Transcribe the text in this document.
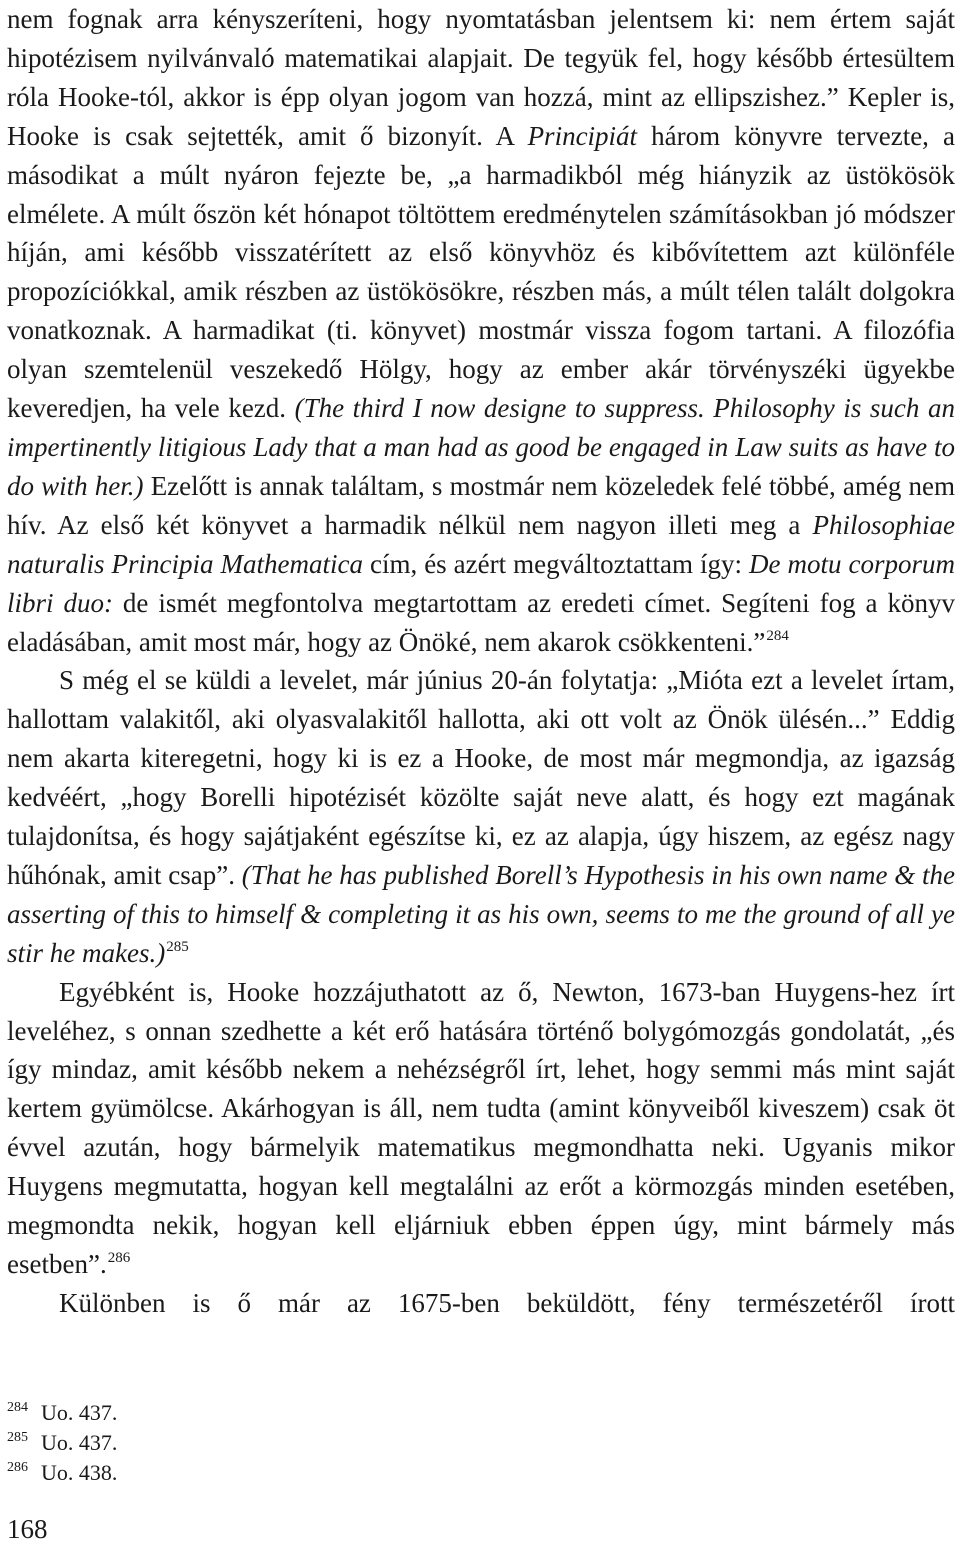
nem fognak arra kényszeríteni, hogy nyomtatásban jelentsem ki: nem értem saját hipotézisem nyilvánvaló matematikai alapjait. De tegyük fel, hogy később értesültem róla Hooke-tól, akkor is épp olyan jogom van hozzá, mint az ellipszishez.” Kepler is, Hooke is csak sejtették, amit ő bizonyít. A Principiát három könyvre tervezte, a másodikat a múlt nyáron fejezte be, „a harmadikból még hiányzik az üstökösök elmélete. A múlt őszön két hónapot töltöttem eredménytelen számításokban jó módszer híján, ami később visszatérített az első könyvhöz és kibővítettem azt különféle propozíciókkal, amik részben az üstökösökre, részben más, a múlt télen talált dolgokra vonatkoznak. A harmadikat (ti. könyvet) mostmár vissza fogom tartani. A filozófia olyan szemtelenül veszekedő Hölgy, hogy az ember akár törvényszéki ügyekbe keveredjen, ha vele kezd. (The third I now designe to suppress. Philosophy is such an impertinently litigious Lady that a man had as good be engaged in Law suits as have to do with her.) Ezelőtt is annak találtam, s mostmár nem közeledek felé többé, amég nem hív. Az első két könyvet a harmadik nélkül nem nagyon illeti meg a Philosophiae naturalis Principia Mathematica cím, és azért megváltoztattam így: De motu corporum libri duo: de ismét megfontolva megtartottam az eredeti címet. Segíteni fog a könyv eladásában, amit most már, hogy az Önöké, nem akarok csökkenteni.”$^{284}$

S még el se küldi a levelet, már június 20-án folytatja: „Mióta ezt a levelet írtam, hallottam valakitől, aki olyasvalakitől hallotta, aki ott volt az Önök ülésén...” Eddig nem akarta kiteregetni, hogy ki is ez a Hooke, de most már megmondja, az igazság kedvéért, „hogy Borelli hipotézisét közölte saját neve alatt, és hogy ezt magának tulajdonítsa, és hogy sajátjaként egészítse ki, ez az alapja, úgy hiszem, az egész nagy hűhónak, amit csap”. (That he has published Borell’s Hypothesis in his own name & the asserting of this to himself & completing it as his own, seems to me the ground of all ye stir he makes.)$^{285}$

Egyébként is, Hooke hozzájuthatott az ő, Newton, 1673-ban Huygens-hez írt leveléhez, s onnan szedhette a két erő hatására történő bolygómozgás gondolatát, „és így mindaz, amit később nekem a nehézségről írt, lehet, hogy semmi más mint saját kertem gyümölcse. Akárhogyan is áll, nem tudta (amint könyveiből kiveszem) csak öt évvel azután, hogy bármelyik matematikus megmondhatta neki. Ugyanis mikor Huygens megmutatta, hogyan kell megtalálni az erőt a körmozgás minden esetében, megmondta nekik, hogyan kell eljárniuk ebben éppen úgy, mint bármely más esetben”.$^{286}$

Különben is ő már az 1675-ben beküldött, fény természetéről írott

$^{284}$ Uo. 437.

$^{285}$ Uo. 437.

$^{286}$ Uo. 438.

168
